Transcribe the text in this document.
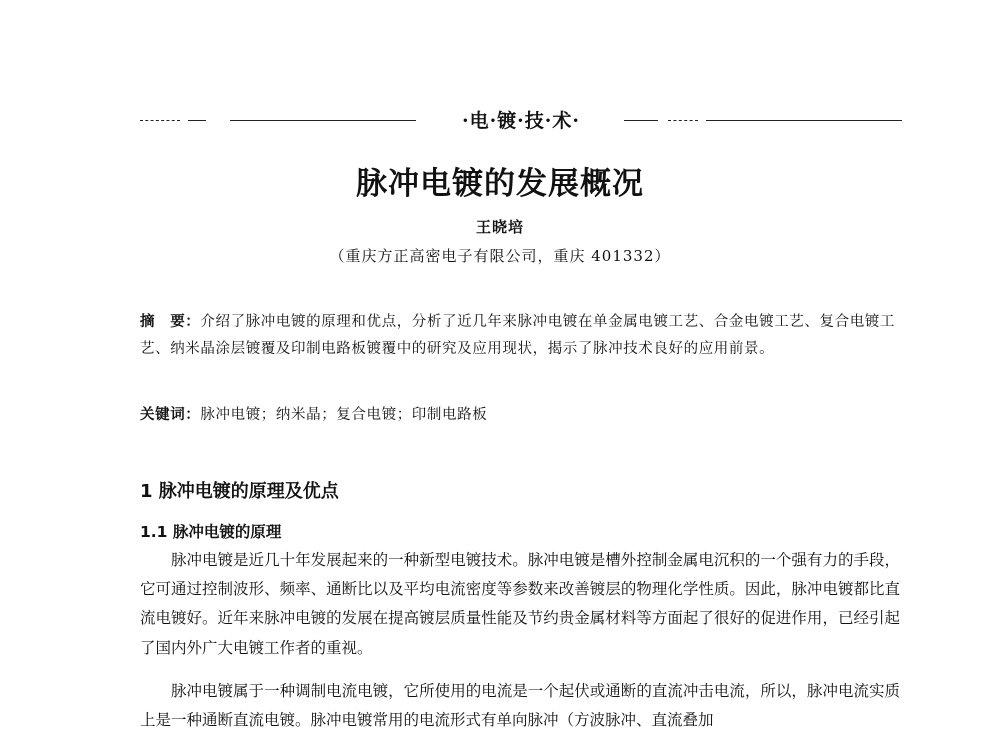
·电·镀·技·术·
脉冲电镀的发展概况
王晓培
（重庆方正高密电子有限公司，重庆 401332）
摘　要：介绍了脉冲电镀的原理和优点，分析了近几年来脉冲电镀在单金属电镀工艺、合金电镀工艺、复合电镀工艺、纳米晶涂层镀覆及印制电路板镀覆中的研究及应用现状，揭示了脉冲技术良好的应用前景。
关键词：脉冲电镀；纳米晶；复合电镀；印制电路板
1 脉冲电镀的原理及优点
1.1 脉冲电镀的原理
脉冲电镀是近几十年发展起来的一种新型电镀技术。脉冲电镀是槽外控制金属电沉积的一个强有力的手段，它可通过控制波形、频率、通断比以及平均电流密度等参数来改善镀层的物理化学性质。因此，脉冲电镀都比直流电镀好。近年来脉冲电镀的发展在提高镀层质量性能及节约贵金属材料等方面起了很好的促进作用，已经引起了国内外广大电镀工作者的重视。
脉冲电镀属于一种调制电流电镀，它所使用的电流是一个起伏或通断的直流冲击电流，所以，脉冲电流实质上是一种通断直流电镀。脉冲电镀常用的电流形式有单向脉冲（方波脉冲、直流叠加
